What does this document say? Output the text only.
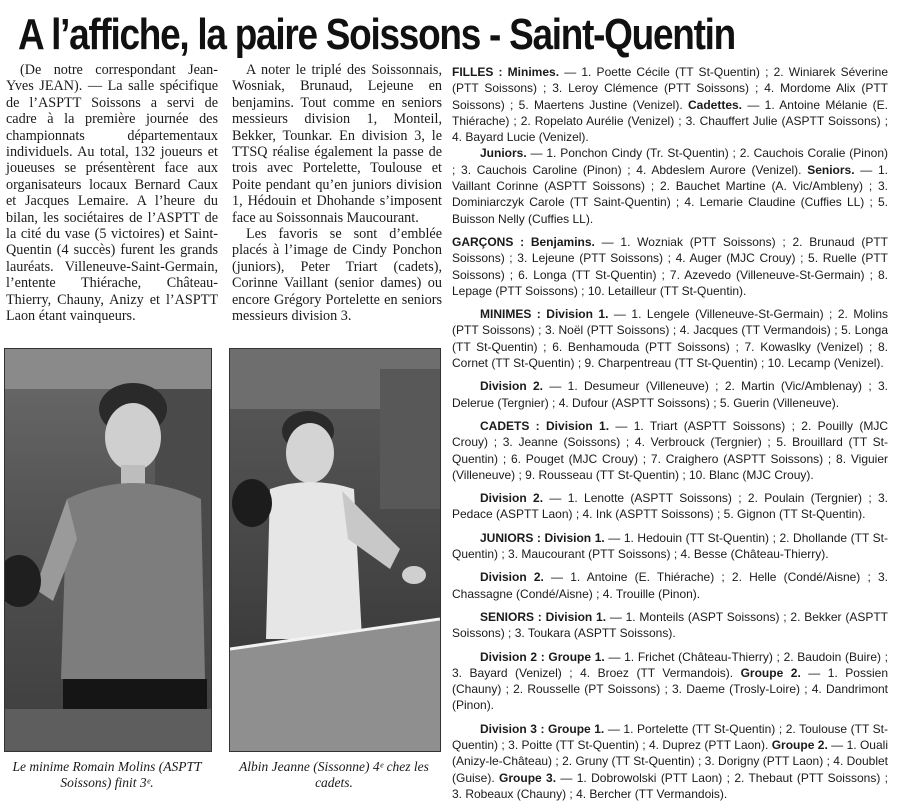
A l’affiche, la paire Soissons - Saint-Quentin

(De notre correspondant Jean-Yves JEAN). — La salle spécifique de l’ASPTT Soissons a servi de cadre à la première journée des championnats départementaux individuels. Au total, 132 joueurs et joueuses se présentèrent face aux organisateurs locaux Bernard Caux et Jacques Lemaire. A l’heure du bilan, les sociétaires de l’ASPTT de la cité du vase (5 victoires) et Saint-Quentin (4 succès) furent les grands lauréats. Villeneuve-Saint-Germain, l’entente Thiérache, Château-Thierry, Chauny, Anizy et l’ASPTT Laon étant vainqueurs.

A noter le triplé des Soissonnais, Wosniak, Brunaud, Lejeune en benjamins. Tout comme en seniors messieurs division 1, Monteil, Bekker, Tounkar. En division 3, le TTSQ réalise également la passe de trois avec Portelette, Toulouse et Poite pendant qu’en juniors division 1, Hédouin et Dhohande s’imposent face au Soissonnais Maucourant.

Les favoris se sont d’emblée placés à l’image de Cindy Ponchon (juniors), Peter Triart (cadets), Corinne Vaillant (senior dames) ou encore Grégory Portelette en seniors messieurs division 3.

Le minime Romain Molins (ASPTT Soissons) finit 3ᵉ.
Albin Jeanne (Sissonne) 4ᵉ chez les cadets.

FILLES : Minimes. — 1. Poette Cécile (TT St-Quentin) ; 2. Winiarek Séverine (PTT Soissons) ; 3. Leroy Clémence (PTT Soissons) ; 4. Mordome Alix (PTT Soissons) ; 5. Maertens Justine (Venizel). Cadettes. — 1. Antoine Mélanie (E. Thiérache) ; 2. Ropelato Aurélie (Venizel) ; 3. Chauffert Julie (ASPTT Soissons) ; 4. Bayard Lucie (Venizel).

Juniors. — 1. Ponchon Cindy (Tr. St-Quentin) ; 2. Cauchois Coralie (Pinon) ; 3. Cauchois Caroline (Pinon) ; 4. Abdeslem Aurore (Venizel). Seniors. — 1. Vaillant Corinne (ASPTT Soissons) ; 2. Bauchet Martine (A. Vic/Ambleny) ; 3. Dominiarczyk Carole (TT Saint-Quentin) ; 4. Lemarie Claudine (Cuffies LL) ; 5. Buisson Nelly (Cuffies LL).

GARÇONS : Benjamins. — 1. Wozniak (PTT Soissons) ; 2. Brunaud (PTT Soissons) ; 3. Lejeune (PTT Soissons) ; 4. Auger (MJC Crouy) ; 5. Ruelle (PTT Soissons) ; 6. Longa (TT St-Quentin) ; 7. Azevedo (Villeneuve-St-Germain) ; 8. Lepage (PTT Soissons) ; 10. Letailleur (TT St-Quentin).

MINIMES : Division 1. — 1. Lengele (Villeneuve-St-Germain) ; 2. Molins (PTT Soissons) ; 3. Noël (PTT Soissons) ; 4. Jacques (TT Vermandois) ; 5. Longa (TT St-Quentin) ; 6. Benhamouda (PTT Soissons) ; 7. Kowaslky (Venizel) ; 8. Cornet (TT St-Quentin) ; 9. Charpentreau (TT St-Quentin) ; 10. Lecamp (Venizel).

Division 2. — 1. Desumeur (Villeneuve) ; 2. Martin (Vic/Amblenay) ; 3. Delerue (Tergnier) ; 4. Dufour (ASPTT Soissons) ; 5. Guerin (Villeneuve).

CADETS : Division 1. — 1. Triart (ASPTT Soissons) ; 2. Pouilly (MJC Crouy) ; 3. Jeanne (Soissons) ; 4. Verbrouck (Tergnier) ; 5. Brouillard (TT St-Quentin) ; 6. Pouget (MJC Crouy) ; 7. Craighero (ASPTT Soissons) ; 8. Viguier (Villeneuve) ; 9. Rousseau (TT St-Quentin) ; 10. Blanc (MJC Crouy).

Division 2. — 1. Lenotte (ASPTT Soissons) ; 2. Poulain (Tergnier) ; 3. Pedace (ASPTT Laon) ; 4. Ink (ASPTT Soissons) ; 5. Gignon (TT St-Quentin).

JUNIORS : Division 1. — 1. Hedouin (TT St-Quentin) ; 2. Dhollande (TT St-Quentin) ; 3. Maucourant (PTT Soissons) ; 4. Besse (Château-Thierry).

Division 2. — 1. Antoine (E. Thiérache) ; 2. Helle (Condé/Aisne) ; 3. Chassagne (Condé/Aisne) ; 4. Trouille (Pinon).

SENIORS : Division 1. — 1. Monteils (ASPT Soissons) ; 2. Bekker (ASPTT Soissons) ; 3. Toukara (ASPTT Soissons).

Division 2 : Groupe 1. — 1. Frichet (Château-Thierry) ; 2. Baudoin (Buire) ; 3. Bayard (Venizel) ; 4. Broez (TT Vermandois). Groupe 2. — 1. Possien (Chauny) ; 2. Rousselle (PT Soissons) ; 3. Daeme (Trosly-Loire) ; 4. Dandrimont (Pinon).

Division 3 : Groupe 1. — 1. Portelette (TT St-Quentin) ; 2. Toulouse (TT St-Quentin) ; 3. Poitte (TT St-Quentin) ; 4. Duprez (PTT Laon). Groupe 2. — 1. Ouali (Anizy-le-Château) ; 2. Gruny (TT St-Quentin) ; 3. Dorigny (PTT Laon) ; 4. Doublet (Guise). Groupe 3. — 1. Dobrowolski (PTT Laon) ; 2. Thebaut (PTT Soissons) ; 3. Robeaux (Chauny) ; 4. Bercher (TT Vermandois).
